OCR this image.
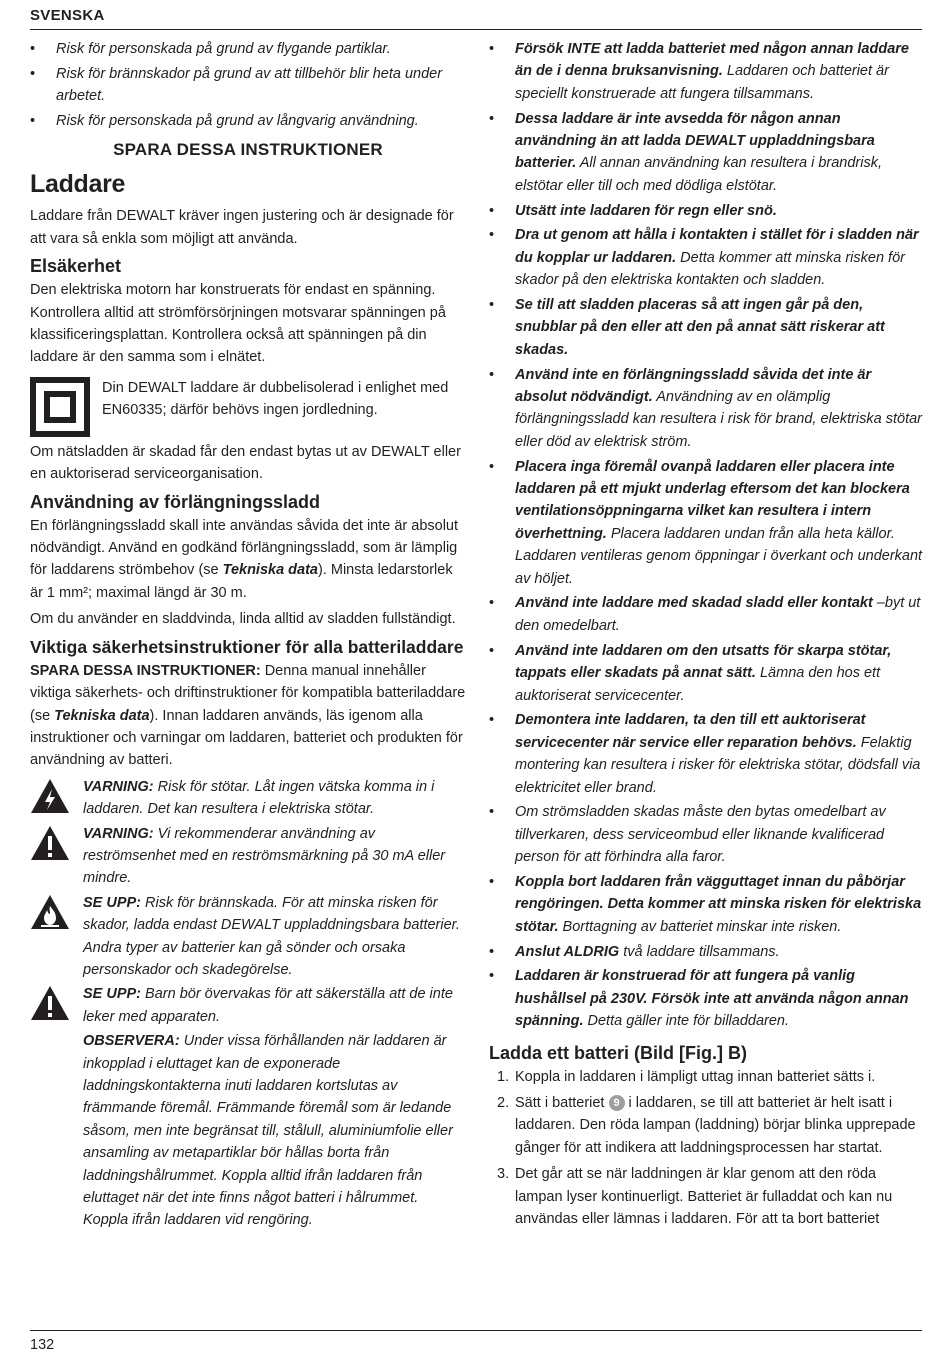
SVENSKA
• Risk för personskada på grund av flygande partiklar.
• Risk för brännskador på grund av att tillbehör blir heta under arbetet.
• Risk för personskada på grund av långvarig användning.
SPARA DESSA INSTRUKTIONER
Laddare

Laddare från DEWALT kräver ingen justering och är designade för att vara så enkla som möjligt att använda.

Elsäkerhet

Den elektriska motorn har konstruerats för endast en spänning. Kontrollera alltid att strömförsörjningen motsvarar spänningen på klassificeringsplattan. Kontrollera också att spänningen på din laddare är den samma som i elnätet.

Din DEWALT laddare är dubbelisolerad i enlighet med EN60335; därför behövs ingen jordledning.

Om nätsladden är skadad får den endast bytas ut av DEWALT eller en auktoriserad serviceorganisation.

Användning av förlängningssladd

En förlängningssladd skall inte användas såvida det inte är absolut nödvändigt. Använd en godkänd förlängningssladd, som är lämplig för laddarens strömbehov (se Tekniska data). Minsta ledarstorlek är 1 mm²; maximal längd är 30 m.

Om du använder en sladdvinda, linda alltid av sladden fullständigt.

Viktiga säkerhetsinstruktioner för alla batteriladdare

SPARA DESSA INSTRUKTIONER: Denna manual innehåller viktiga säkerhets- och driftinstruktioner för kompatibla batteriladdare (se Tekniska data). Innan laddaren används, läs igenom alla instruktioner och varningar om laddaren, batteriet och produkten för användning av batteri.

VARNING: Risk för stötar. Låt ingen vätska komma in i laddaren. Det kan resultera i elektriska stötar.
VARNING: Vi rekommenderar användning av reströmsenhet med en reströmsmärkning på 30 mA eller mindre.
SE UPP: Risk för brännskada. För att minska risken för skador, ladda endast DEWALT uppladdningsbara batterier. Andra typer av batterier kan gå sönder och orsaka personskador och skadegörelse.
SE UPP: Barn bör övervakas för att säkerställa att de inte leker med apparaten.
OBSERVERA: Under vissa förhållanden när laddaren är inkopplad i eluttaget kan de exponerade laddningskontakterna inuti laddaren kortslutas av främmande föremål. Främmande föremål som är ledande såsom, men inte begränsat till, stålull, aluminiumfolie eller ansamling av metapartiklar bör hållas borta från laddningshålrummet. Koppla alltid ifrån laddaren från eluttaget när det inte finns något batteri i hålrummet. Koppla ifrån laddaren vid rengöring.
• Försök INTE att ladda batteriet med någon annan laddare än de i denna bruksanvisning. Laddaren och batteriet är speciellt konstruerade att fungera tillsammans.
• Dessa laddare är inte avsedda för någon annan användning än att ladda DEWALT uppladdningsbara batterier. All annan användning kan resultera i brandrisk, elstötar eller till och med dödliga elstötar.
• Utsätt inte laddaren för regn eller snö.
• Dra ut genom att hålla i kontakten i stället för i sladden när du kopplar ur laddaren. Detta kommer att minska risken för skador på den elektriska kontakten och sladden.
• Se till att sladden placeras så att ingen går på den, snubblar på den eller att den på annat sätt riskerar att skadas.
• Använd inte en förlängningssladd såvida det inte är absolut nödvändigt. Användning av en olämplig förlängningssladd kan resultera i risk för brand, elektriska stötar eller död av elektrisk ström.
• Placera inga föremål ovanpå laddaren eller placera inte laddaren på ett mjukt underlag eftersom det kan blockera ventilationsöppningarna vilket kan resultera i intern överhettning. Placera laddaren undan från alla heta källor. Laddaren ventileras genom öppningar i överkant och underkant av höljet.
• Använd inte laddare med skadad sladd eller kontakt –byt ut den omedelbart.
• Använd inte laddaren om den utsatts för skarpa stötar, tappats eller skadats på annat sätt. Lämna den hos ett auktoriserat servicecenter.
• Demontera inte laddaren, ta den till ett auktoriserat servicecenter när service eller reparation behövs. Felaktig montering kan resultera i risker för elektriska stötar, dödsfall via elektricitet eller brand.
• Om strömsladden skadas måste den bytas omedelbart av tillverkaren, dess serviceombud eller liknande kvalificerad person för att förhindra alla faror.
• Koppla bort laddaren från vägguttaget innan du påbörjar rengöringen. Detta kommer att minska risken för elektriska stötar. Borttagning av batteriet minskar inte risken.
• Anslut ALDRIG två laddare tillsammans.
• Laddaren är konstruerad för att fungera på vanlig hushållsel på 230V. Försök inte att använda någon annan spänning. Detta gäller inte för billaddaren.
Ladda ett batteri (Bild [Fig.] B)
1. Koppla in laddaren i lämpligt uttag innan batteriet sätts i.
2. Sätt i batteriet 9 i laddaren, se till att batteriet är helt isatt i laddaren. Den röda lampan (laddning) börjar blinka upprepade gånger för att indikera att laddningsprocessen har startat.
3. Det går att se när laddningen är klar genom att den röda lampan lyser kontinuerligt. Batteriet är fulladdat och kan nu användas eller lämnas i laddaren. För att ta bort batteriet
132
